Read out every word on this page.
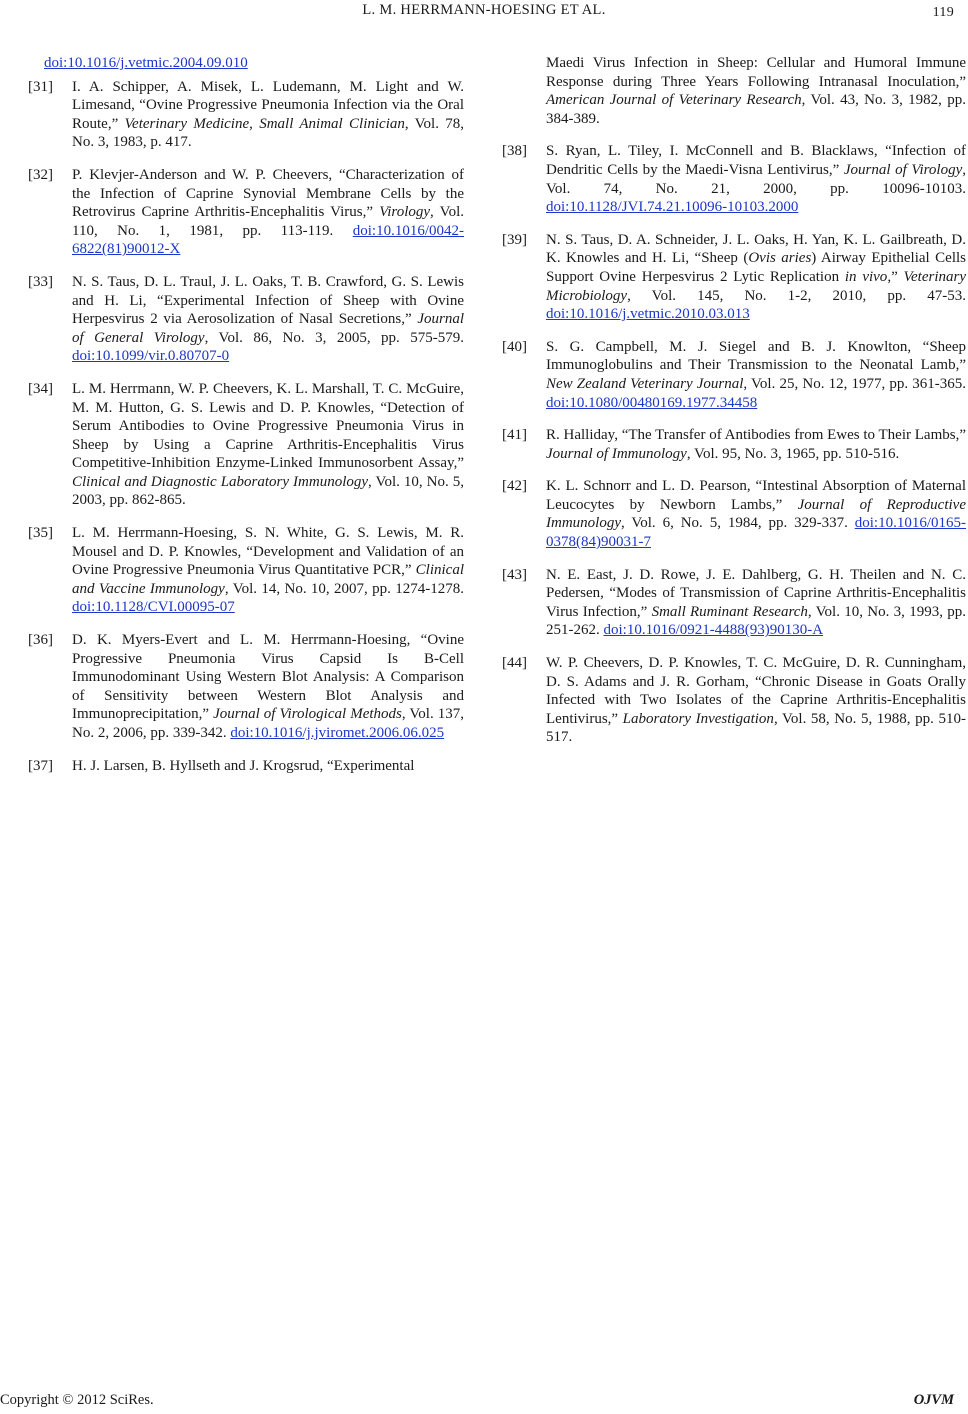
L. M. HERRMANN-HOESING ET AL.	119
doi:10.1016/j.vetmic.2004.09.010
[31] I. A. Schipper, A. Misek, L. Ludemann, M. Light and W. Limesand, “Ovine Progressive Pneumonia Infection via the Oral Route,” Veterinary Medicine, Small Animal Clinician, Vol. 78, No. 3, 1983, p. 417.
[32] P. Klevjer-Anderson and W. P. Cheevers, “Characterization of the Infection of Caprine Synovial Membrane Cells by the Retrovirus Caprine Arthritis-Encephalitis Virus,” Virology, Vol. 110, No. 1, 1981, pp. 113-119. doi:10.1016/0042-6822(81)90012-X
[33] N. S. Taus, D. L. Traul, J. L. Oaks, T. B. Crawford, G. S. Lewis and H. Li, “Experimental Infection of Sheep with Ovine Herpesvirus 2 via Aerosolization of Nasal Secretions,” Journal of General Virology, Vol. 86, No. 3, 2005, pp. 575-579. doi:10.1099/vir.0.80707-0
[34] L. M. Herrmann, W. P. Cheevers, K. L. Marshall, T. C. McGuire, M. M. Hutton, G. S. Lewis and D. P. Knowles, “Detection of Serum Antibodies to Ovine Progressive Pneumonia Virus in Sheep by Using a Caprine Arthritis-Encephalitis Virus Competitive-Inhibition Enzyme-Linked Immunosorbent Assay,” Clinical and Diagnostic Laboratory Immunology, Vol. 10, No. 5, 2003, pp. 862-865.
[35] L. M. Herrmann-Hoesing, S. N. White, G. S. Lewis, M. R. Mousel and D. P. Knowles, “Development and Validation of an Ovine Progressive Pneumonia Virus Quantitative PCR,” Clinical and Vaccine Immunology, Vol. 14, No. 10, 2007, pp. 1274-1278. doi:10.1128/CVI.00095-07
[36] D. K. Myers-Evert and L. M. Herrmann-Hoesing, “Ovine Progressive Pneumonia Virus Capsid Is B-Cell Immunodominant Using Western Blot Analysis: A Comparison of Sensitivity between Western Blot Analysis and Immunoprecipitation,” Journal of Virological Methods, Vol. 137, No. 2, 2006, pp. 339-342. doi:10.1016/j.jviromet.2006.06.025
[37] H. J. Larsen, B. Hyllseth and J. Krogsrud, “Experimental
Maedi Virus Infection in Sheep: Cellular and Humoral Immune Response during Three Years Following Intranasal Inoculation,” American Journal of Veterinary Research, Vol. 43, No. 3, 1982, pp. 384-389.
[38] S. Ryan, L. Tiley, I. McConnell and B. Blacklaws, “Infection of Dendritic Cells by the Maedi-Visna Lentivirus,” Journal of Virology, Vol. 74, No. 21, 2000, pp. 10096-10103. doi:10.1128/JVI.74.21.10096-10103.2000
[39] N. S. Taus, D. A. Schneider, J. L. Oaks, H. Yan, K. L. Gailbreath, D. K. Knowles and H. Li, “Sheep (Ovis aries) Airway Epithelial Cells Support Ovine Herpesvirus 2 Lytic Replication in vivo,” Veterinary Microbiology, Vol. 145, No. 1-2, 2010, pp. 47-53. doi:10.1016/j.vetmic.2010.03.013
[40] S. G. Campbell, M. J. Siegel and B. J. Knowlton, “Sheep Immunoglobulins and Their Transmission to the Neonatal Lamb,” New Zealand Veterinary Journal, Vol. 25, No. 12, 1977, pp. 361-365. doi:10.1080/00480169.1977.34458
[41] R. Halliday, “The Transfer of Antibodies from Ewes to Their Lambs,” Journal of Immunology, Vol. 95, No. 3, 1965, pp. 510-516.
[42] K. L. Schnorr and L. D. Pearson, “Intestinal Absorption of Maternal Leucocytes by Newborn Lambs,” Journal of Reproductive Immunology, Vol. 6, No. 5, 1984, pp. 329-337. doi:10.1016/0165-0378(84)90031-7
[43] N. E. East, J. D. Rowe, J. E. Dahlberg, G. H. Theilen and N. C. Pedersen, “Modes of Transmission of Caprine Arthritis-Encephalitis Virus Infection,” Small Ruminant Research, Vol. 10, No. 3, 1993, pp. 251-262. doi:10.1016/0921-4488(93)90130-A
[44] W. P. Cheevers, D. P. Knowles, T. C. McGuire, D. R. Cunningham, D. S. Adams and J. R. Gorham, “Chronic Disease in Goats Orally Infected with Two Isolates of the Caprine Arthritis-Encephalitis Lentivirus,” Laboratory Investigation, Vol. 58, No. 5, 1988, pp. 510-517.
Copyright © 2012 SciRes.	OJVM
